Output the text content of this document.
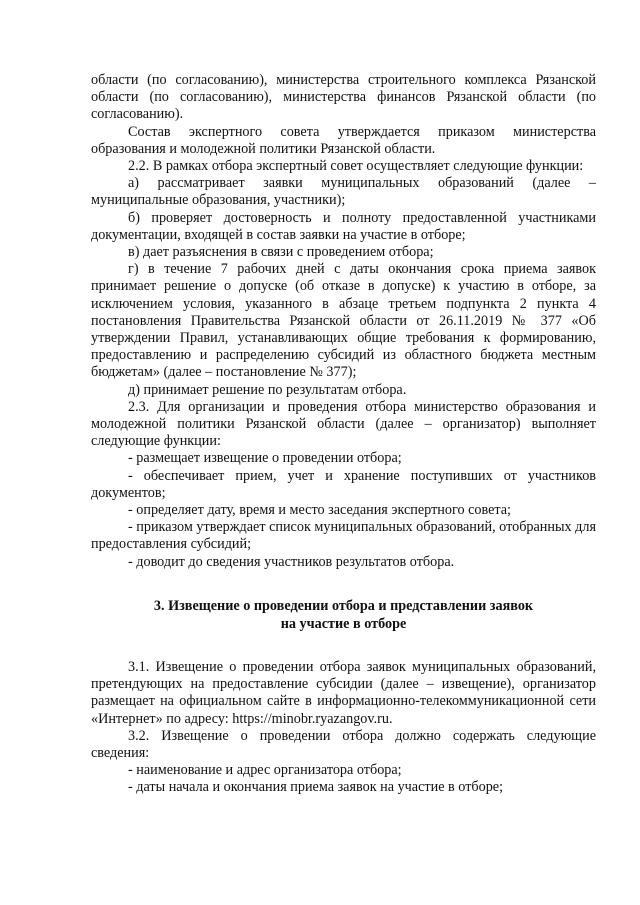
области (по согласованию), министерства строительного комплекса Рязанской области (по согласованию), министерства финансов Рязанской области (по согласованию).

Состав экспертного совета утверждается приказом министерства образования и молодежной политики Рязанской области.

2.2. В рамках отбора экспертный совет осуществляет следующие функции:

а) рассматривает заявки муниципальных образований (далее – муниципальные образования, участники);

б) проверяет достоверность и полноту предоставленной участниками документации, входящей в состав заявки на участие в отборе;

в) дает разъяснения в связи с проведением отбора;

г) в течение 7 рабочих дней с даты окончания срока приема заявок принимает решение о допуске (об отказе в допуске) к участию в отборе, за исключением условия, указанного в абзаце третьем подпункта 2 пункта 4 постановления Правительства Рязанской области от 26.11.2019 № 377 «Об утверждении Правил, устанавливающих общие требования к формированию, предоставлению и распределению субсидий из областного бюджета местным бюджетам» (далее – постановление № 377);

д) принимает решение по результатам отбора.

2.3. Для организации и проведения отбора министерство образования и молодежной политики Рязанской области (далее – организатор) выполняет следующие функции:

- размещает извещение о проведении отбора;

- обеспечивает прием, учет и хранение поступивших от участников документов;

- определяет дату, время и место заседания экспертного совета;

- приказом утверждает список муниципальных образований, отобранных для предоставления субсидий;

- доводит до сведения участников результатов отбора.

3. Извещение о проведении отбора и представлении заявок
на участие в отборе

3.1. Извещение о проведении отбора заявок муниципальных образований, претендующих на предоставление субсидии (далее – извещение), организатор размещает на официальном сайте в информационно-телекоммуникационной сети «Интернет» по адресу: https://minobr.ryazangov.ru.

3.2. Извещение о проведении отбора должно содержать следующие сведения:

- наименование и адрес организатора отбора;

- даты начала и окончания приема заявок на участие в отборе;
